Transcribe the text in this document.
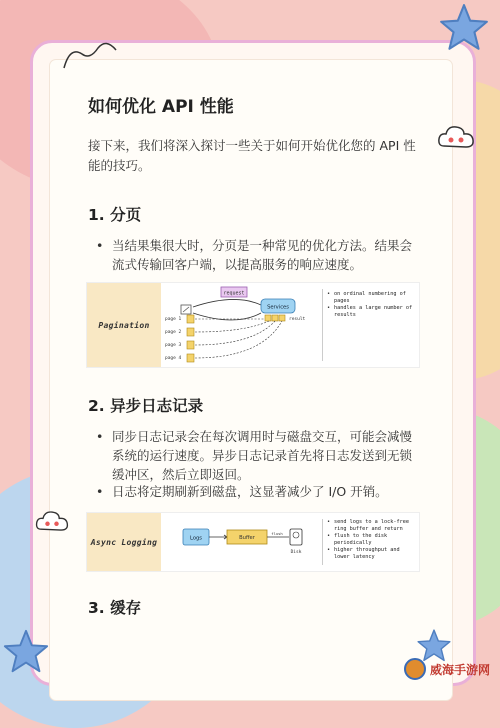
如何优化 API 性能
接下来，我们将深入探讨一些关于如何开始优化您的 API 性能的技巧。
1. 分页
• 当结果集很大时，分页是一种常见的优化方法。结果会流式传输回客户端，以提高服务的响应速度。
Pagination
request
Services
result
page 1
page 2
page 3
page 4
• on ordinal numbering of pages
• handles a large number of results
2. 异步日志记录
• 同步日志记录会在每次调用时与磁盘交互，可能会减慢系统的运行速度。异步日志记录首先将日志发送到无锁缓冲区，然后立即返回。
• 日志将定期刷新到磁盘，这显著减少了 I/O 开销。
Async Logging	Logs	Buffer
flush
Disk
• send logs to a lock-free ring buffer and return
• flush to the disk periodically
• higher throughput and lower latency
3. 缓存
威海手游网
